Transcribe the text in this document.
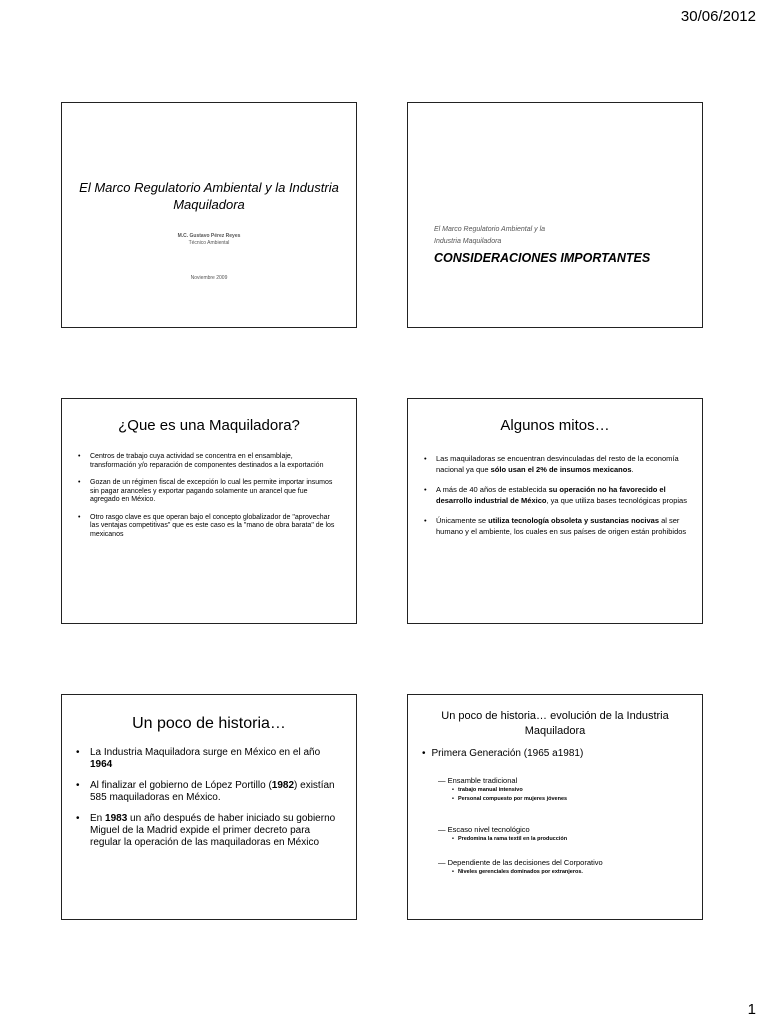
30/06/2012
El Marco Regulatorio Ambiental y la Industria Maquiladora
M.C. Gustavo Pérez Reyes
Técnico Ambiental
Noviembre 2009
El Marco Regulatorio Ambiental y la
Industria Maquiladora
CONSIDERACIONES IMPORTANTES
¿Que es una Maquiladora?
• Centros de trabajo cuya actividad se concentra en el ensamblaje, transformación y/o reparación de componentes destinados a la exportación
• Gozan de un régimen fiscal de excepción lo cual les permite importar insumos sin pagar aranceles y exportar pagando solamente un arancel que fue agregado en México.
• Otro rasgo clave es que operan bajo el concepto globalizador de "aprovechar las ventajas competitivas" que es este caso es la "mano de obra barata" de los mexicanos
Algunos mitos…
• Las maquiladoras se encuentran desvinculadas del resto de la economía nacional ya que sólo usan el 2% de insumos mexicanos.
• A más de 40 años de establecida su operación no ha favorecido el desarrollo industrial de México, ya que utiliza bases tecnológicas propias
• Únicamente se utiliza tecnología obsoleta y sustancias nocivas al ser humano y el ambiente, los cuales en sus países de origen están prohibidos
Un poco de historia…
• La Industria Maquiladora surge en México en el año 1964
• Al finalizar el gobierno de López Portillo (1982) existían 585 maquiladoras en México.
• En 1983 un año después de haber iniciado su gobierno Miguel de la Madrid expide el primer decreto para regular la operación de las maquiladoras en México
Un poco de historia… evolución de la Industria Maquiladora
• Primera Generación (1965 a1981)
— Ensamble tradicional
• trabajo manual intensivo
• Personal compuesto por mujeres jóvenes
— Escaso nivel tecnológico
• Predomina la rama textil en la producción
— Dependiente de las decisiones del Corporativo
• Niveles gerenciales dominados por extranjeros.
1
